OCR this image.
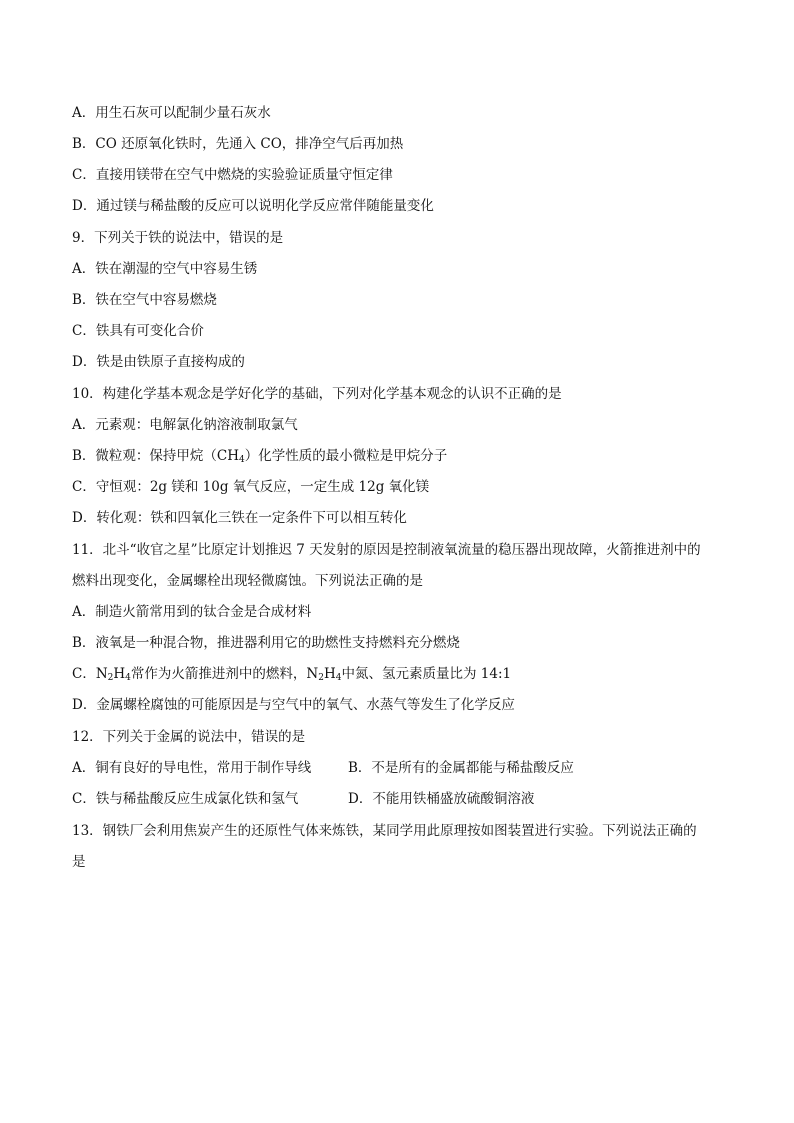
A．用生石灰可以配制少量石灰水
B．CO 还原氧化铁时，先通入 CO，排净空气后再加热
C．直接用镁带在空气中燃烧的实验验证质量守恒定律
D．通过镁与稀盐酸的反应可以说明化学反应常伴随能量变化
9．下列关于铁的说法中，错误的是
A．铁在潮湿的空气中容易生锈
B．铁在空气中容易燃烧
C．铁具有可变化合价
D．铁是由铁原子直接构成的
10．构建化学基本观念是学好化学的基础，下列对化学基本观念的认识不正确的是
A．元素观：电解氯化钠溶液制取氯气
B．微粒观：保持甲烷$(CH_4)$化学性质的最小微粒是甲烷分子
C．守恒观：2g 镁和 10g 氧气反应，一定生成 12g 氧化镁
D．转化观：铁和四氧化三铁在一定条件下可以相互转化
11．北斗“收官之星”比原定计划推迟 7 天发射的原因是控制液氧流量的稳压器出现故障，火箭推进剂中的
燃料出现变化，金属螺栓出现轻微腐蚀。下列说法正确的是
A．制造火箭常用到的钛合金是合成材料
B．液氧是一种混合物，推进器利用它的助燃性支持燃料充分燃烧
C．$N_2H_4$常作为火箭推进剂中的燃料，$N_2H_4$中氮、氢元素质量比为 14:1
D．金属螺栓腐蚀的可能原因是与空气中的氧气、水蒸气等发生了化学反应
12．下列关于金属的说法中，错误的是
A．铜有良好的导电性，常用于制作导线	B．不是所有的金属都能与稀盐酸反应
C．铁与稀盐酸反应生成氯化铁和氢气	D．不能用铁桶盛放硫酸铜溶液
13．钢铁厂会利用焦炭产生的还原性气体来炼铁，某同学用此原理按如图装置进行实验。下列说法正确的
是
